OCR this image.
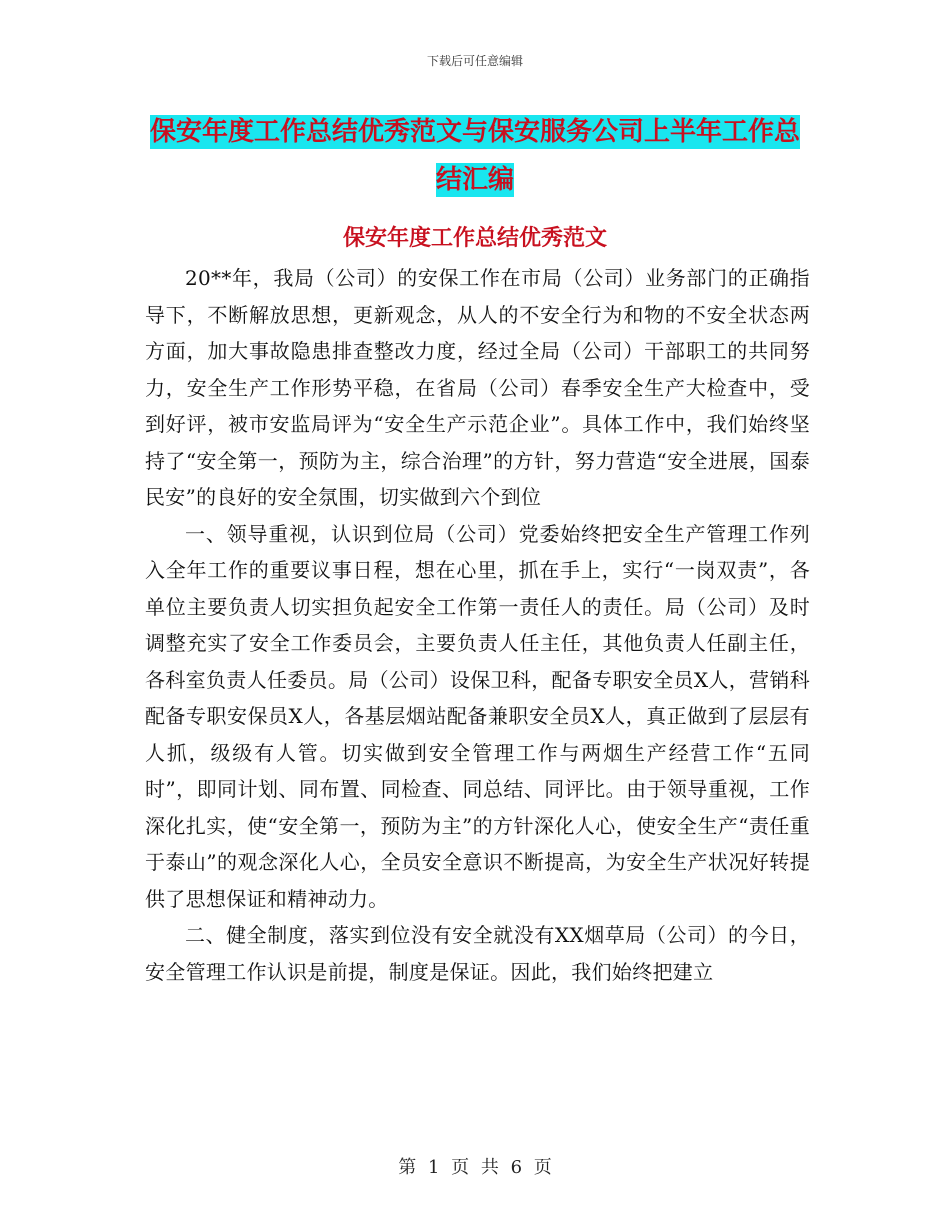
下载后可任意编辑
保安年度工作总结优秀范文与保安服务公司上半年工作总结汇编
保安年度工作总结优秀范文

20**年，我局（公司）的安保工作在市局（公司）业务部门的正确指导下，不断解放思想，更新观念，从人的不安全行为和物的不安全状态两方面，加大事故隐患排查整改力度，经过全局（公司）干部职工的共同努力，安全生产工作形势平稳，在省局（公司）春季安全生产大检查中，受到好评，被市安监局评为“安全生产示范企业”。具体工作中，我们始终坚持了“安全第一，预防为主，综合治理”的方针，努力营造“安全进展，国泰民安”的良好的安全氛围，切实做到六个到位

一、领导重视，认识到位局（公司）党委始终把安全生产管理工作列入全年工作的重要议事日程，想在心里，抓在手上，实行“一岗双责”，各单位主要负责人切实担负起安全工作第一责任人的责任。局（公司）及时调整充实了安全工作委员会，主要负责人任主任，其他负责人任副主任，各科室负责人任委员。局（公司）设保卫科，配备专职安全员X人，营销科配备专职安保员X人，各基层烟站配备兼职安全员X人，真正做到了层层有人抓，级级有人管。切实做到安全管理工作与两烟生产经营工作“五同时”，即同计划、同布置、同检查、同总结、同评比。由于领导重视，工作深化扎实，使“安全第一，预防为主”的方针深化人心，使安全生产“责任重于泰山”的观念深化人心，全员安全意识不断提高，为安全生产状况好转提供了思想保证和精神动力。

二、健全制度，落实到位没有安全就没有XX烟草局（公司）的今日，安全管理工作认识是前提，制度是保证。因此，我们始终把建立

第 1 页 共 6 页
